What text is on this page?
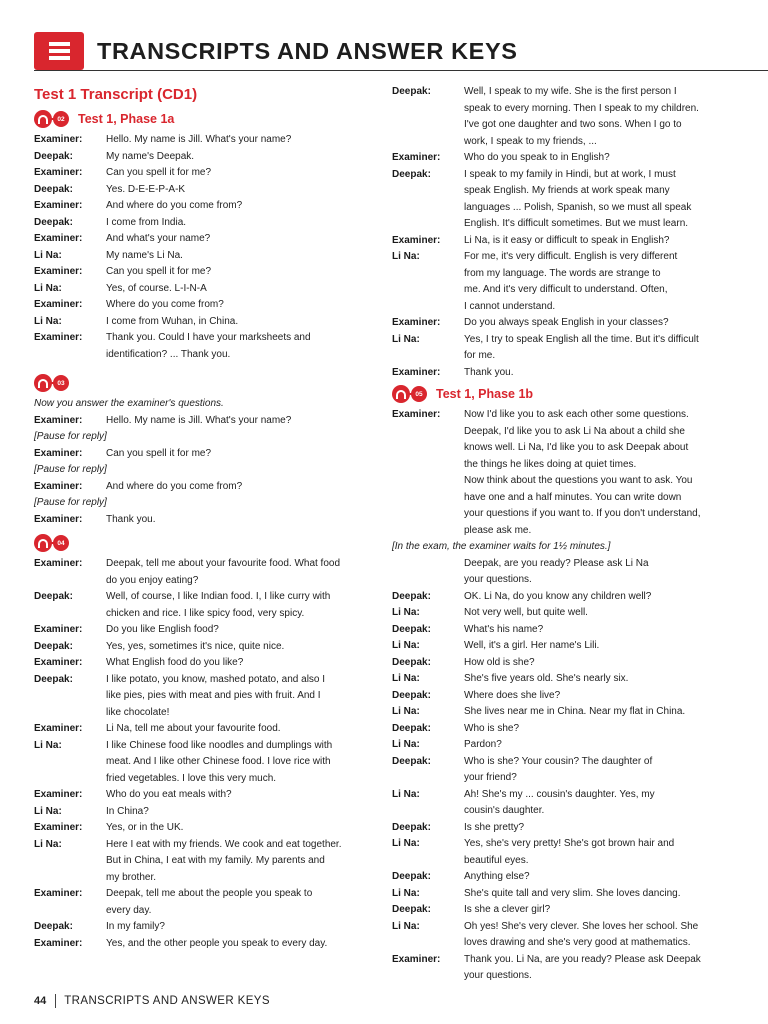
TRANSCRIPTS AND ANSWER KEYS
Test 1 Transcript (CD1)
02	Test 1, Phase 1a
Examiner:	Hello. My name is Jill. What's your name?
Deepak:	My name's Deepak.
Examiner:	Can you spell it for me?
Deepak:	Yes. D-E-E-P-A-K
Examiner:	And where do you come from?
Deepak:	I come from India.
Examiner:	And what's your name?
Li Na:	My name's Li Na.
Examiner:	Can you spell it for me?
Li Na:	Yes, of course. L-I-N-A
Examiner:	Where do you come from?
Li Na:	I come from Wuhan, in China.
Examiner:	Thank you. Could I have your marksheets and
identification? ... Thank you.
03
Now you answer the examiner's questions.
Examiner:	Hello. My name is Jill. What's your name?
[Pause for reply]
Examiner:	Can you spell it for me?
[Pause for reply]
Examiner:	And where do you come from?
[Pause for reply]
Examiner:	Thank you.
04
Examiner:	Deepak, tell me about your favourite food. What food
do you enjoy eating?
Deepak:	Well, of course, I like Indian food. I, I like curry with
chicken and rice. I like spicy food, very spicy.
Examiner:	Do you like English food?
Deepak:	Yes, yes, sometimes it's nice, quite nice.
Examiner:	What English food do you like?
Deepak:	I like potato, you know, mashed potato, and also I
like pies, pies with meat and pies with fruit. And I
like chocolate!
Examiner:	Li Na, tell me about your favourite food.
Li Na:	I like Chinese food like noodles and dumplings with
meat. And I like other Chinese food. I love rice with
fried vegetables. I love this very much.
Examiner:	Who do you eat meals with?
Li Na:	In China?
Examiner:	Yes, or in the UK.
Li Na:	Here I eat with my friends. We cook and eat together.
But in China, I eat with my family. My parents and
my brother.
Examiner:	Deepak, tell me about the people you speak to
every day.
Deepak:	In my family?
Examiner:	Yes, and the other people you speak to every day.
Deepak:	Well, I speak to my wife. She is the first person I
speak to every morning. Then I speak to my children.
I've got one daughter and two sons. When I go to
work, I speak to my friends, ...
Examiner:	Who do you speak to in English?
Deepak:	I speak to my family in Hindi, but at work, I must
speak English. My friends at work speak many
languages ... Polish, Spanish, so we must all speak
English. It's difficult sometimes. But we must learn.
Examiner:	Li Na, is it easy or difficult to speak in English?
Li Na:	For me, it's very difficult. English is very different
from my language. The words are strange to
me. And it's very difficult to understand. Often,
I cannot understand.
Examiner:	Do you always speak English in your classes?
Li Na:	Yes, I try to speak English all the time. But it's difficult
for me.
Examiner:	Thank you.
05	Test 1, Phase 1b
Examiner:	Now I'd like you to ask each other some questions.
Deepak, I'd like you to ask Li Na about a child she
knows well. Li Na, I'd like you to ask Deepak about
the things he likes doing at quiet times.
Now think about the questions you want to ask. You
have one and a half minutes. You can write down
your questions if you want to. If you don't understand,
please ask me.
[In the exam, the examiner waits for 1½ minutes.]
Deepak, are you ready? Please ask Li Na
your questions.
Deepak:	OK. Li Na, do you know any children well?
Li Na:	Not very well, but quite well.
Deepak:	What's his name?
Li Na:	Well, it's a girl. Her name's Lili.
Deepak:	How old is she?
Li Na:	She's five years old. She's nearly six.
Deepak:	Where does she live?
Li Na:	She lives near me in China. Near my flat in China.
Deepak:	Who is she?
Li Na:	Pardon?
Deepak:	Who is she? Your cousin? The daughter of
your friend?
Li Na:	Ah! She's my ... cousin's daughter. Yes, my
cousin's daughter.
Deepak:	Is she pretty?
Li Na:	Yes, she's very pretty! She's got brown hair and
beautiful eyes.
Deepak:	Anything else?
Li Na:	She's quite tall and very slim. She loves dancing.
Deepak:	Is she a clever girl?
Li Na:	Oh yes! She's very clever. She loves her school. She
loves drawing and she's very good at mathematics.
Examiner:	Thank you. Li Na, are you ready? Please ask Deepak
your questions.
44 TRANSCRIPTS AND ANSWER KEYS
